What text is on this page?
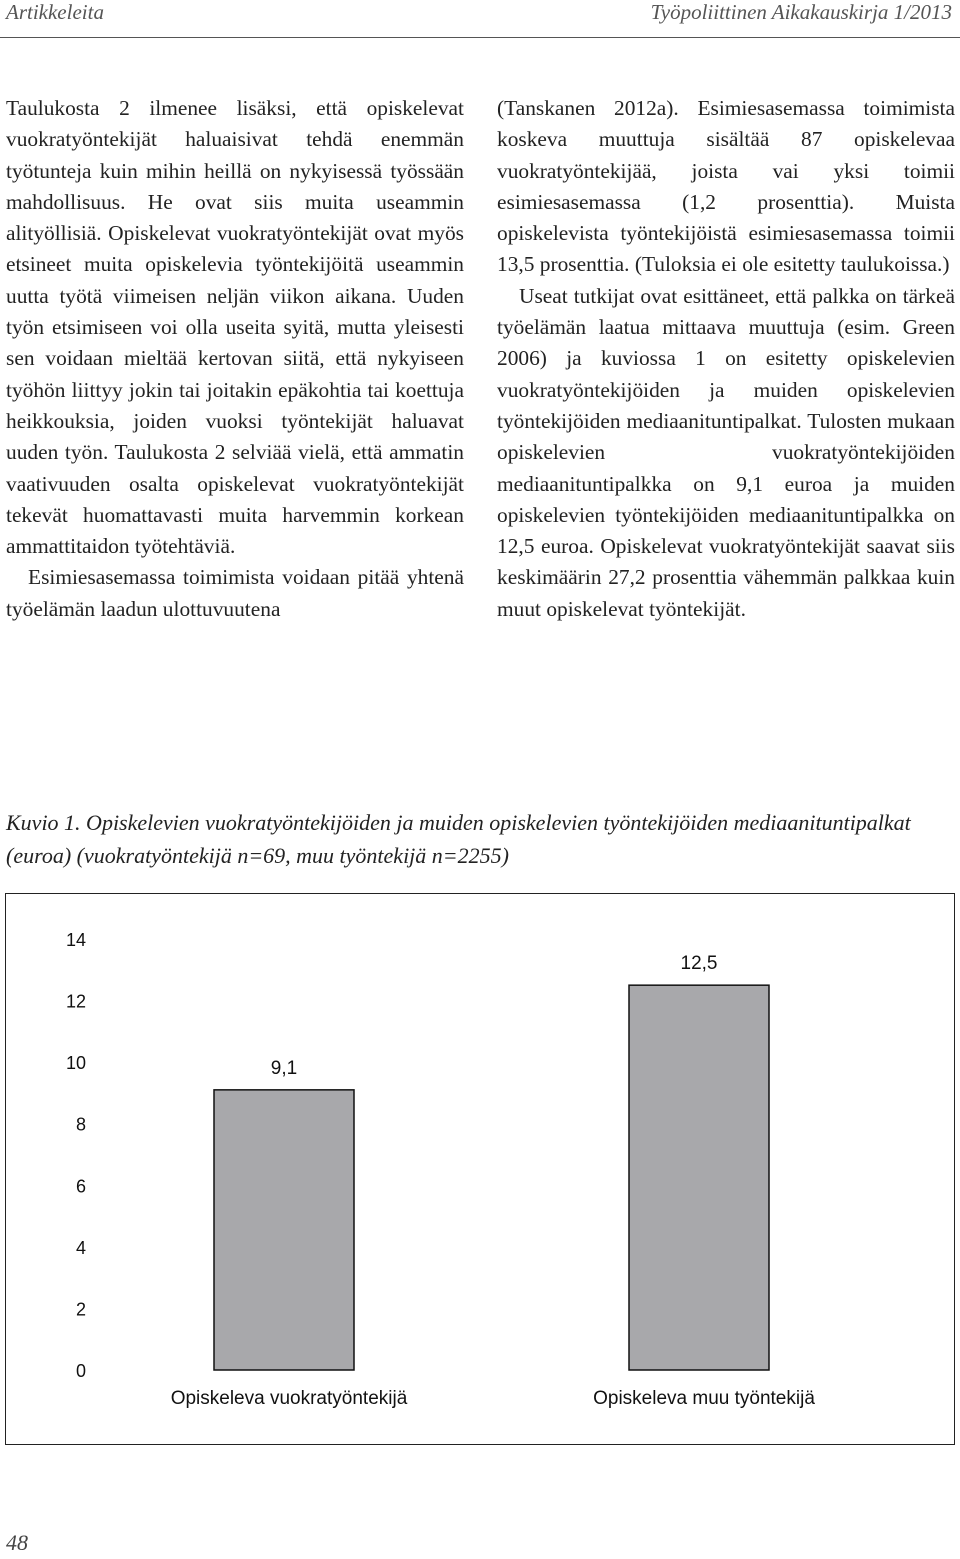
Artikkeleita	Työpoliittinen Aikakauskirja 1/2013

Taulukosta 2 ilmenee lisäksi, että opiskelevat vuokratyöntekijät haluaisivat tehdä enemmän työtunteja kuin mihin heillä on nykyisessä työssään mahdollisuus. He ovat siis muita useammin alityöllisiä. Opiskelevat vuokratyöntekijät ovat myös etsineet muita opiskelevia työntekijöitä useammin uutta työtä viimeisen neljän viikon aikana. Uuden työn etsimiseen voi olla useita syitä, mutta yleisesti sen voidaan mieltää kertovan siitä, että nykyiseen työhön liittyy jokin tai joitakin epäkohtia tai koettuja heikkouksia, joiden vuoksi työntekijät haluavat uuden työn. Taulukosta 2 selviää vielä, että ammatin vaativuuden osalta opiskelevat vuokratyöntekijät tekevät huomattavasti muita harvemmin korkean ammattitaidon työtehtäviä.

Esimiesasemassa toimimista voidaan pitää yhtenä työelämän laadun ulottuvuutena

(Tanskanen 2012a). Esimiesasemassa toimimista koskeva muuttuja sisältää 87 opiskelevaa vuokratyöntekijää, joista vai yksi toimii esimiesasemassa (1,2 prosenttia). Muista opiskelevista työntekijöistä esimiesasemassa toimii 13,5 prosenttia. (Tuloksia ei ole esitetty taulukoissa.)

Useat tutkijat ovat esittäneet, että palkka on tärkeä työelämän laatua mittaava muuttuja (esim. Green 2006) ja kuviossa 1 on esitetty opiskelevien vuokratyöntekijöiden ja muiden opiskelevien työntekijöiden mediaanituntipalkat. Tulosten mukaan opiskelevien vuokratyöntekijöiden mediaanituntipalkka on 9,1 euroa ja muiden opiskelevien työntekijöiden mediaanituntipalkka on 12,5 euroa. Opiskelevat vuokratyöntekijät saavat siis keskimäärin 27,2 prosenttia vähemmän palkkaa kuin muut opiskelevat työntekijät.

Kuvio 1. Opiskelevien vuokratyöntekijöiden ja muiden opiskelevien työntekijöiden mediaanituntipalkat (euroa) (vuokratyöntekijä n=69, muu työntekijä n=2255)
0
2
4
6
8
10
12
14
9,1
Opiskeleva vuokratyöntekijä
12,5
Opiskeleva muu työntekijä
48
